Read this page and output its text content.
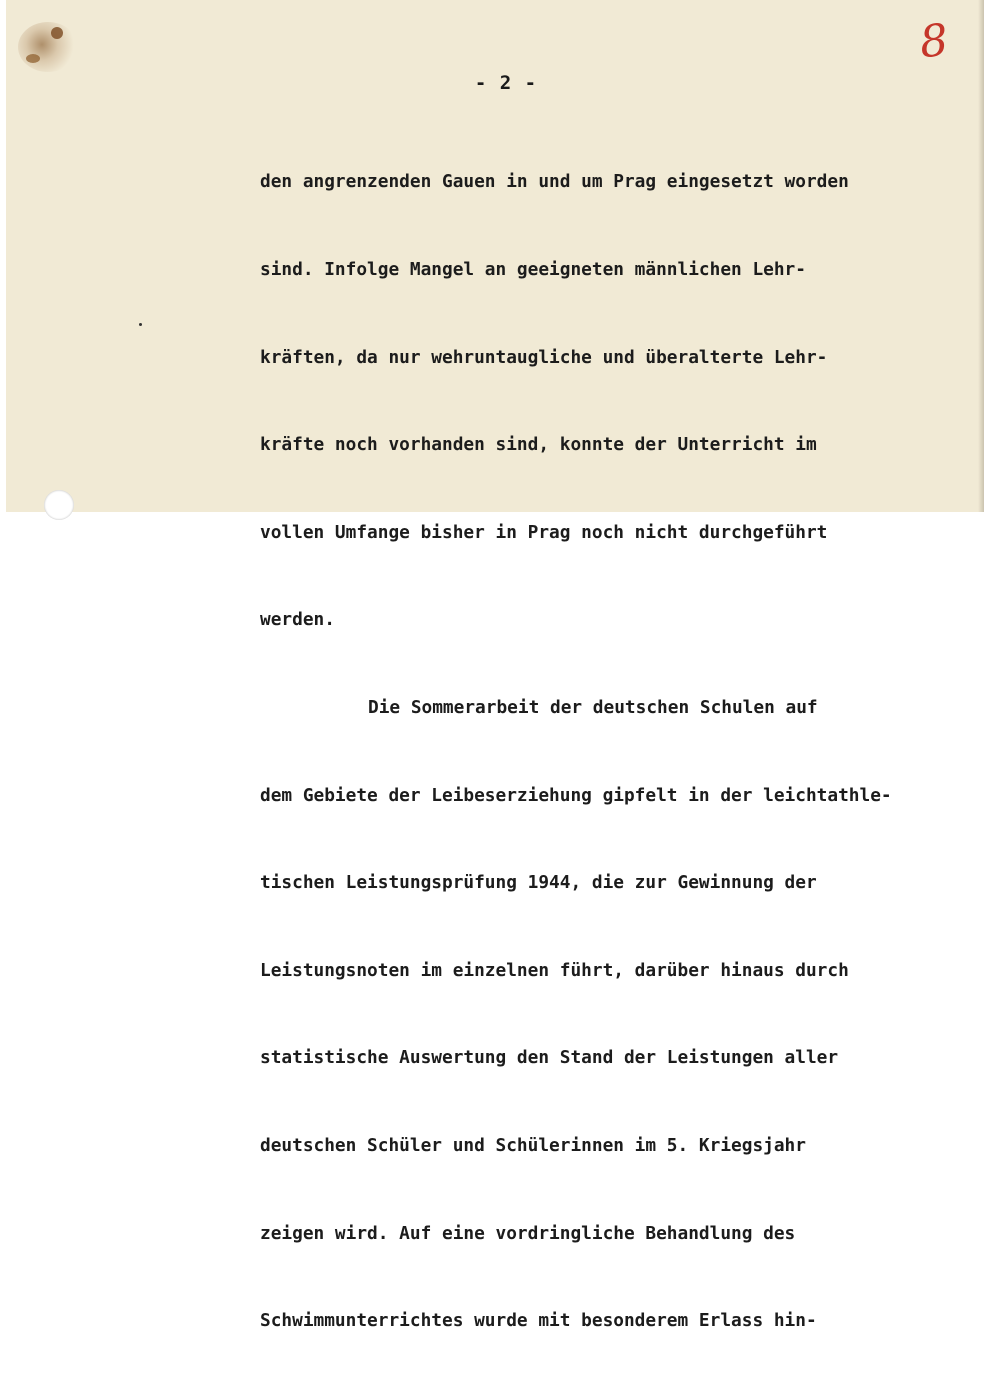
8
- 2 -

den angrenzenden Gauen in und um Prag eingesetzt worden

sind. Infolge Mangel an geeigneten männlichen Lehr-

kräften, da nur wehruntaugliche und überalterte Lehr-

kräfte noch vorhanden sind, konnte der Unterricht im

vollen Umfange bisher in Prag noch nicht durchgeführt

werden.

Die Sommerarbeit der deutschen Schulen auf

dem Gebiete der Leibeserziehung gipfelt in der leichtathle-

tischen Leistungsprüfung 1944, die zur Gewinnung der

Leistungsnoten im einzelnen führt, darüber hinaus durch

statistische Auswertung den Stand der Leistungen aller

deutschen Schüler und Schülerinnen im 5. Kriegsjahr

zeigen wird. Auf eine vordringliche Behandlung des

Schwimmunterrichtes wurde mit besonderem Erlass hin-
